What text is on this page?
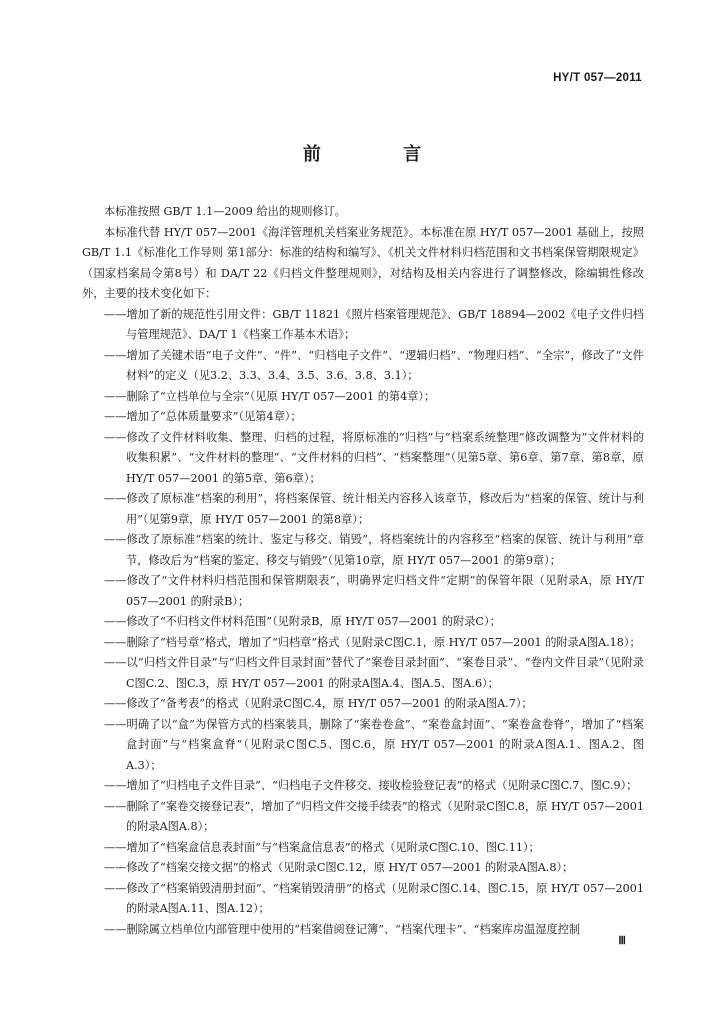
HY/T 057—2011
前 言

本标准按照 GB/T 1.1—2009 给出的规则修订。

本标准代替 HY/T 057—2001《海洋管理机关档案业务规范》。本标准在原 HY/T 057—2001 基础上，按照 GB/T 1.1《标准化工作导则 第1部分：标准的结构和编写》、《机关文件材料归档范围和文书档案保管期限规定》（国家档案局令第8号）和 DA/T 22《归档文件整理规则》，对结构及相关内容进行了调整修改，除编辑性修改外，主要的技术变化如下：

——增加了新的规范性引用文件：GB/T 11821《照片档案管理规范》、GB/T 18894—2002《电子文件归档与管理规范》、DA/T 1《档案工作基本术语》；

——增加了关键术语“电子文件”、“件”、“归档电子文件”、“逻辑归档”、“物理归档”、“全宗”，修改了“文件材料”的定义（见3.2、3.3、3.4、3.5、3.6、3.8、3.1）；

——删除了“立档单位与全宗”（见原 HY/T 057—2001 的第4章）；

——增加了“总体质量要求”（见第4章）；

——修改了文件材料收集、整理、归档的过程，将原标准的“归档”与“档案系统整理”修改调整为“文件材料的收集积累”、“文件材料的整理”、“文件材料的归档”、“档案整理”（见第5章、第6章、第7章、第8章，原 HY/T 057—2001 的第5章、第6章）；

——修改了原标准“档案的利用”，将档案保管、统计相关内容移入该章节，修改后为“档案的保管、统计与利用”（见第9章，原 HY/T 057—2001 的第8章）；

——修改了原标准“档案的统计、鉴定与移交、销毁”，将档案统计的内容移至“档案的保管、统计与利用”章节，修改后为“档案的鉴定、移交与销毁”（见第10章，原 HY/T 057—2001 的第9章）；

——修改了“文件材料归档范围和保管期限表”，明确界定归档文件“定期”的保管年限（见附录A，原 HY/T 057—2001 的附录B）；

——修改了“不归档文件材料范围”（见附录B，原 HY/T 057—2001 的附录C）；

——删除了“档号章”格式，增加了“归档章”格式（见附录C图C.1，原 HY/T 057—2001 的附录A图A.18）；

——以“归档文件目录”与“归档文件目录封面”替代了“案卷目录封面”、“案卷目录”、“卷内文件目录”（见附录C图C.2、图C.3，原 HY/T 057—2001 的附录A图A.4、图A.5、图A.6）；

——修改了“备考表”的格式（见附录C图C.4，原 HY/T 057—2001 的附录A图A.7）；

——明确了以“盒”为保管方式的档案装具，删除了“案卷卷盒”、“案卷盒封面”、“案卷盒卷脊”，增加了“档案盒封面”与“档案盒脊”（见附录C图C.5、图C.6，原 HY/T 057—2001 的附录A图A.1、图A.2、图A.3）；

——增加了“归档电子文件目录”、“归档电子文件移交、接收检验登记表”的格式（见附录C图C.7、图C.9）；

——删除了“案卷交接登记表”，增加了“归档文件交接手续表”的格式（见附录C图C.8，原 HY/T 057—2001 的附录A图A.8）；

——增加了“档案盒信息表封面”与“档案盒信息表”的格式（见附录C图C.10、图C.11）；

——修改了“档案交接文据”的格式（见附录C图C.12，原 HY/T 057—2001 的附录A图A.8）；

——修改了“档案销毁清册封面”、“档案销毁清册”的格式（见附录C图C.14、图C.15，原 HY/T 057—2001 的附录A图A.11、图A.12）；

——删除属立档单位内部管理中使用的“档案借阅登记簿”、“档案代理卡”、“档案库房温湿度控制

Ⅲ
